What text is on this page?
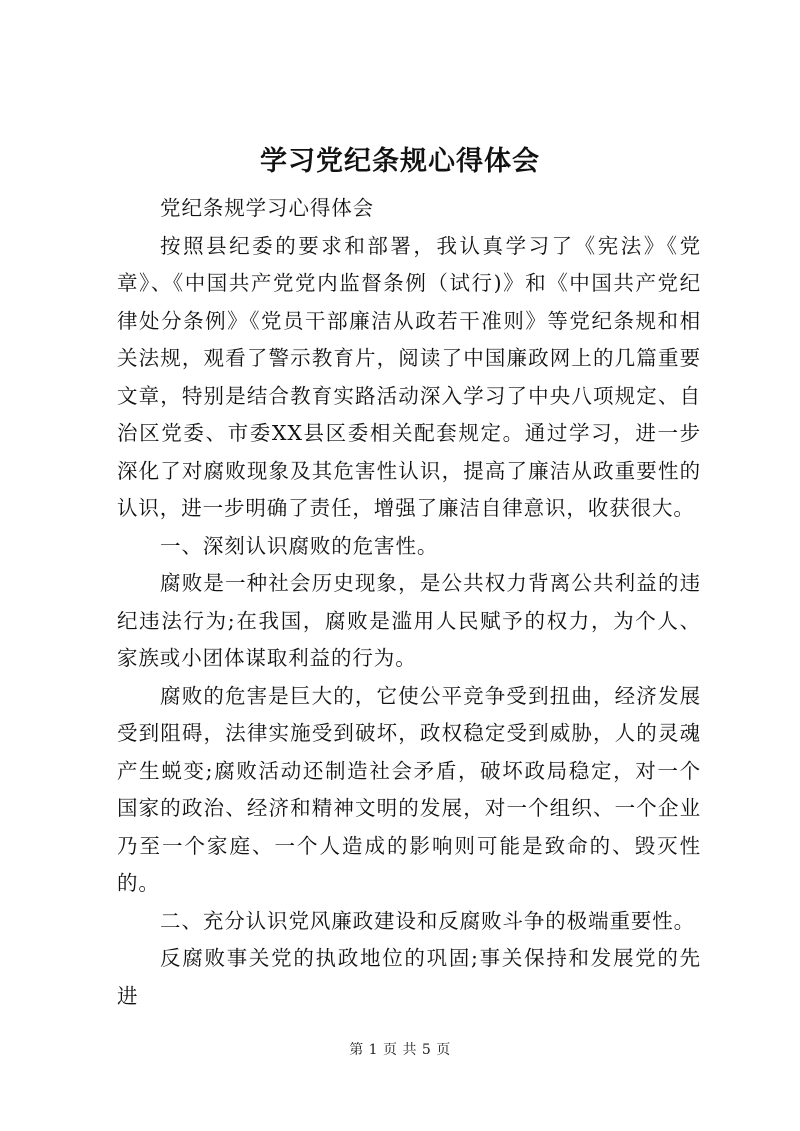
学习党纪条规心得体会

党纪条规学习心得体会

按照县纪委的要求和部署，我认真学习了《宪法》《党章》、《中国共产党党内监督条例（试行)》和《中国共产党纪律处分条例》《党员干部廉洁从政若干准则》等党纪条规和相关法规，观看了警示教育片，阅读了中国廉政网上的几篇重要文章，特别是结合教育实路活动深入学习了中央八项规定、自治区党委、市委XX县区委相关配套规定。通过学习，进一步深化了对腐败现象及其危害性认识，提高了廉洁从政重要性的认识，进一步明确了责任，增强了廉洁自律意识，收获很大。

一、深刻认识腐败的危害性。

腐败是一种社会历史现象，是公共权力背离公共利益的违纪违法行为;在我国，腐败是滥用人民赋予的权力，为个人、家族或小团体谋取利益的行为。

腐败的危害是巨大的，它使公平竞争受到扭曲，经济发展受到阻碍，法律实施受到破坏，政权稳定受到威胁，人的灵魂产生蜕变;腐败活动还制造社会矛盾，破坏政局稳定，对一个国家的政治、经济和精神文明的发展，对一个组织、一个企业乃至一个家庭、一个人造成的影响则可能是致命的、毁灭性的。

二、充分认识党风廉政建设和反腐败斗争的极端重要性。

反腐败事关党的执政地位的巩固;事关保持和发展党的先进

第 1 页 共 5 页
